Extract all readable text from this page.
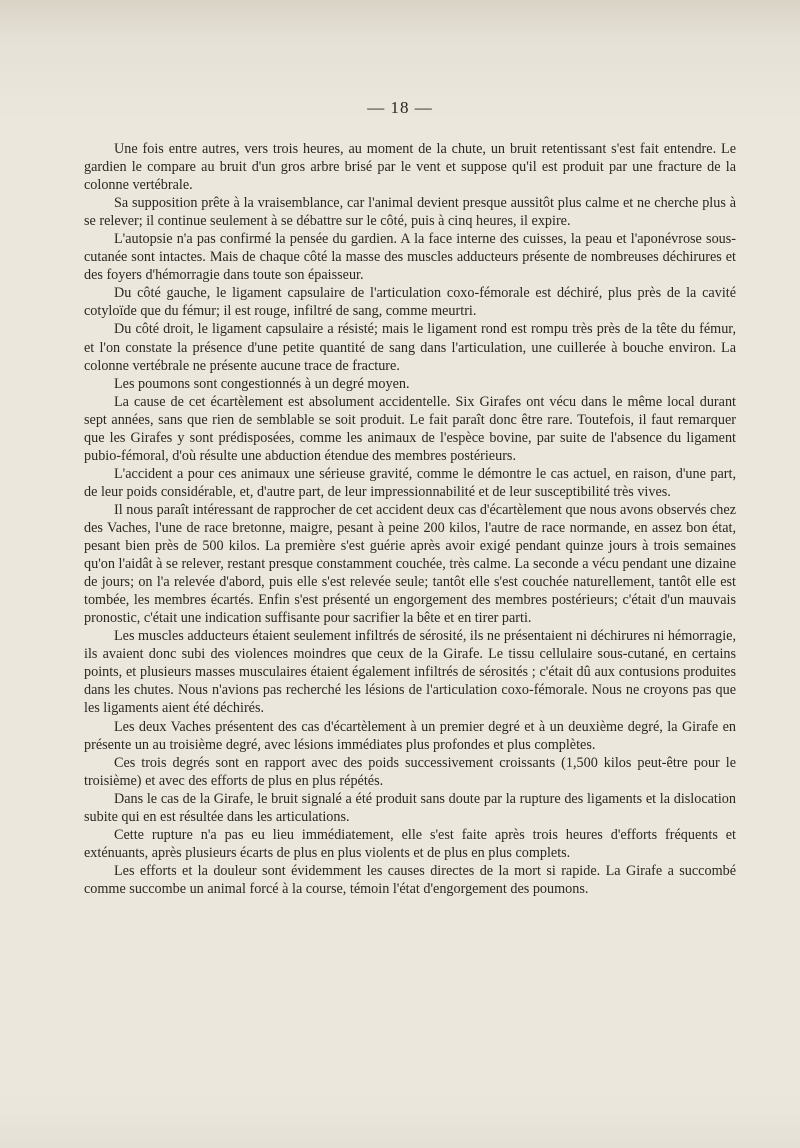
— 18 —

Une fois entre autres, vers trois heures, au moment de la chute, un bruit retentissant s'est fait entendre. Le gardien le compare au bruit d'un gros arbre brisé par le vent et suppose qu'il est produit par une fracture de la colonne vertébrale.

Sa supposition prête à la vraisemblance, car l'animal devient presque aussitôt plus calme et ne cherche plus à se relever; il continue seulement à se débattre sur le côté, puis à cinq heures, il expire.

L'autopsie n'a pas confirmé la pensée du gardien. A la face interne des cuisses, la peau et l'aponévrose sous-cutanée sont intactes. Mais de chaque côté la masse des muscles adducteurs présente de nombreuses déchirures et des foyers d'hémorragie dans toute son épaisseur.

Du côté gauche, le ligament capsulaire de l'articulation coxo-fémorale est déchiré, plus près de la cavité cotyloïde que du fémur; il est rouge, infiltré de sang, comme meurtri.

Du côté droit, le ligament capsulaire a résisté; mais le ligament rond est rompu très près de la tête du fémur, et l'on constate la présence d'une petite quantité de sang dans l'articulation, une cuillerée à bouche environ. La colonne vertébrale ne présente aucune trace de fracture.

Les poumons sont congestionnés à un degré moyen.

La cause de cet écartèlement est absolument accidentelle. Six Girafes ont vécu dans le même local durant sept années, sans que rien de semblable se soit produit. Le fait paraît donc être rare. Toutefois, il faut remarquer que les Girafes y sont prédisposées, comme les animaux de l'espèce bovine, par suite de l'absence du ligament pubio-fémoral, d'où résulte une abduction étendue des membres postérieurs.

L'accident a pour ces animaux une sérieuse gravité, comme le démontre le cas actuel, en raison, d'une part, de leur poids considérable, et, d'autre part, de leur impressionnabilité et de leur susceptibilité très vives.

Il nous paraît intéressant de rapprocher de cet accident deux cas d'écartèlement que nous avons observés chez des Vaches, l'une de race bretonne, maigre, pesant à peine 200 kilos, l'autre de race normande, en assez bon état, pesant bien près de 500 kilos. La première s'est guérie après avoir exigé pendant quinze jours à trois semaines qu'on l'aidât à se relever, restant presque constamment couchée, très calme. La seconde a vécu pendant une dizaine de jours; on l'a relevée d'abord, puis elle s'est relevée seule; tantôt elle s'est couchée naturellement, tantôt elle est tombée, les membres écartés. Enfin s'est présenté un engorgement des membres postérieurs; c'était d'un mauvais pronostic, c'était une indication suffisante pour sacrifier la bête et en tirer parti.

Les muscles adducteurs étaient seulement infiltrés de sérosité, ils ne présentaient ni déchirures ni hémorragie, ils avaient donc subi des violences moindres que ceux de la Girafe. Le tissu cellulaire sous-cutané, en certains points, et plusieurs masses musculaires étaient également infiltrés de sérosités ; c'était dû aux contusions produites dans les chutes. Nous n'avions pas recherché les lésions de l'articulation coxo-fémorale. Nous ne croyons pas que les ligaments aient été déchirés.

Les deux Vaches présentent des cas d'écartèlement à un premier degré et à un deuxième degré, la Girafe en présente un au troisième degré, avec lésions immédiates plus profondes et plus complètes.

Ces trois degrés sont en rapport avec des poids successivement croissants (1,500 kilos peut-être pour le troisième) et avec des efforts de plus en plus répétés.

Dans le cas de la Girafe, le bruit signalé a été produit sans doute par la rupture des ligaments et la dislocation subite qui en est résultée dans les articulations.

Cette rupture n'a pas eu lieu immédiatement, elle s'est faite après trois heures d'efforts fréquents et exténuants, après plusieurs écarts de plus en plus violents et de plus en plus complets.

Les efforts et la douleur sont évidemment les causes directes de la mort si rapide. La Girafe a succombé comme succombe un animal forcé à la course, témoin l'état d'engorgement des poumons.
